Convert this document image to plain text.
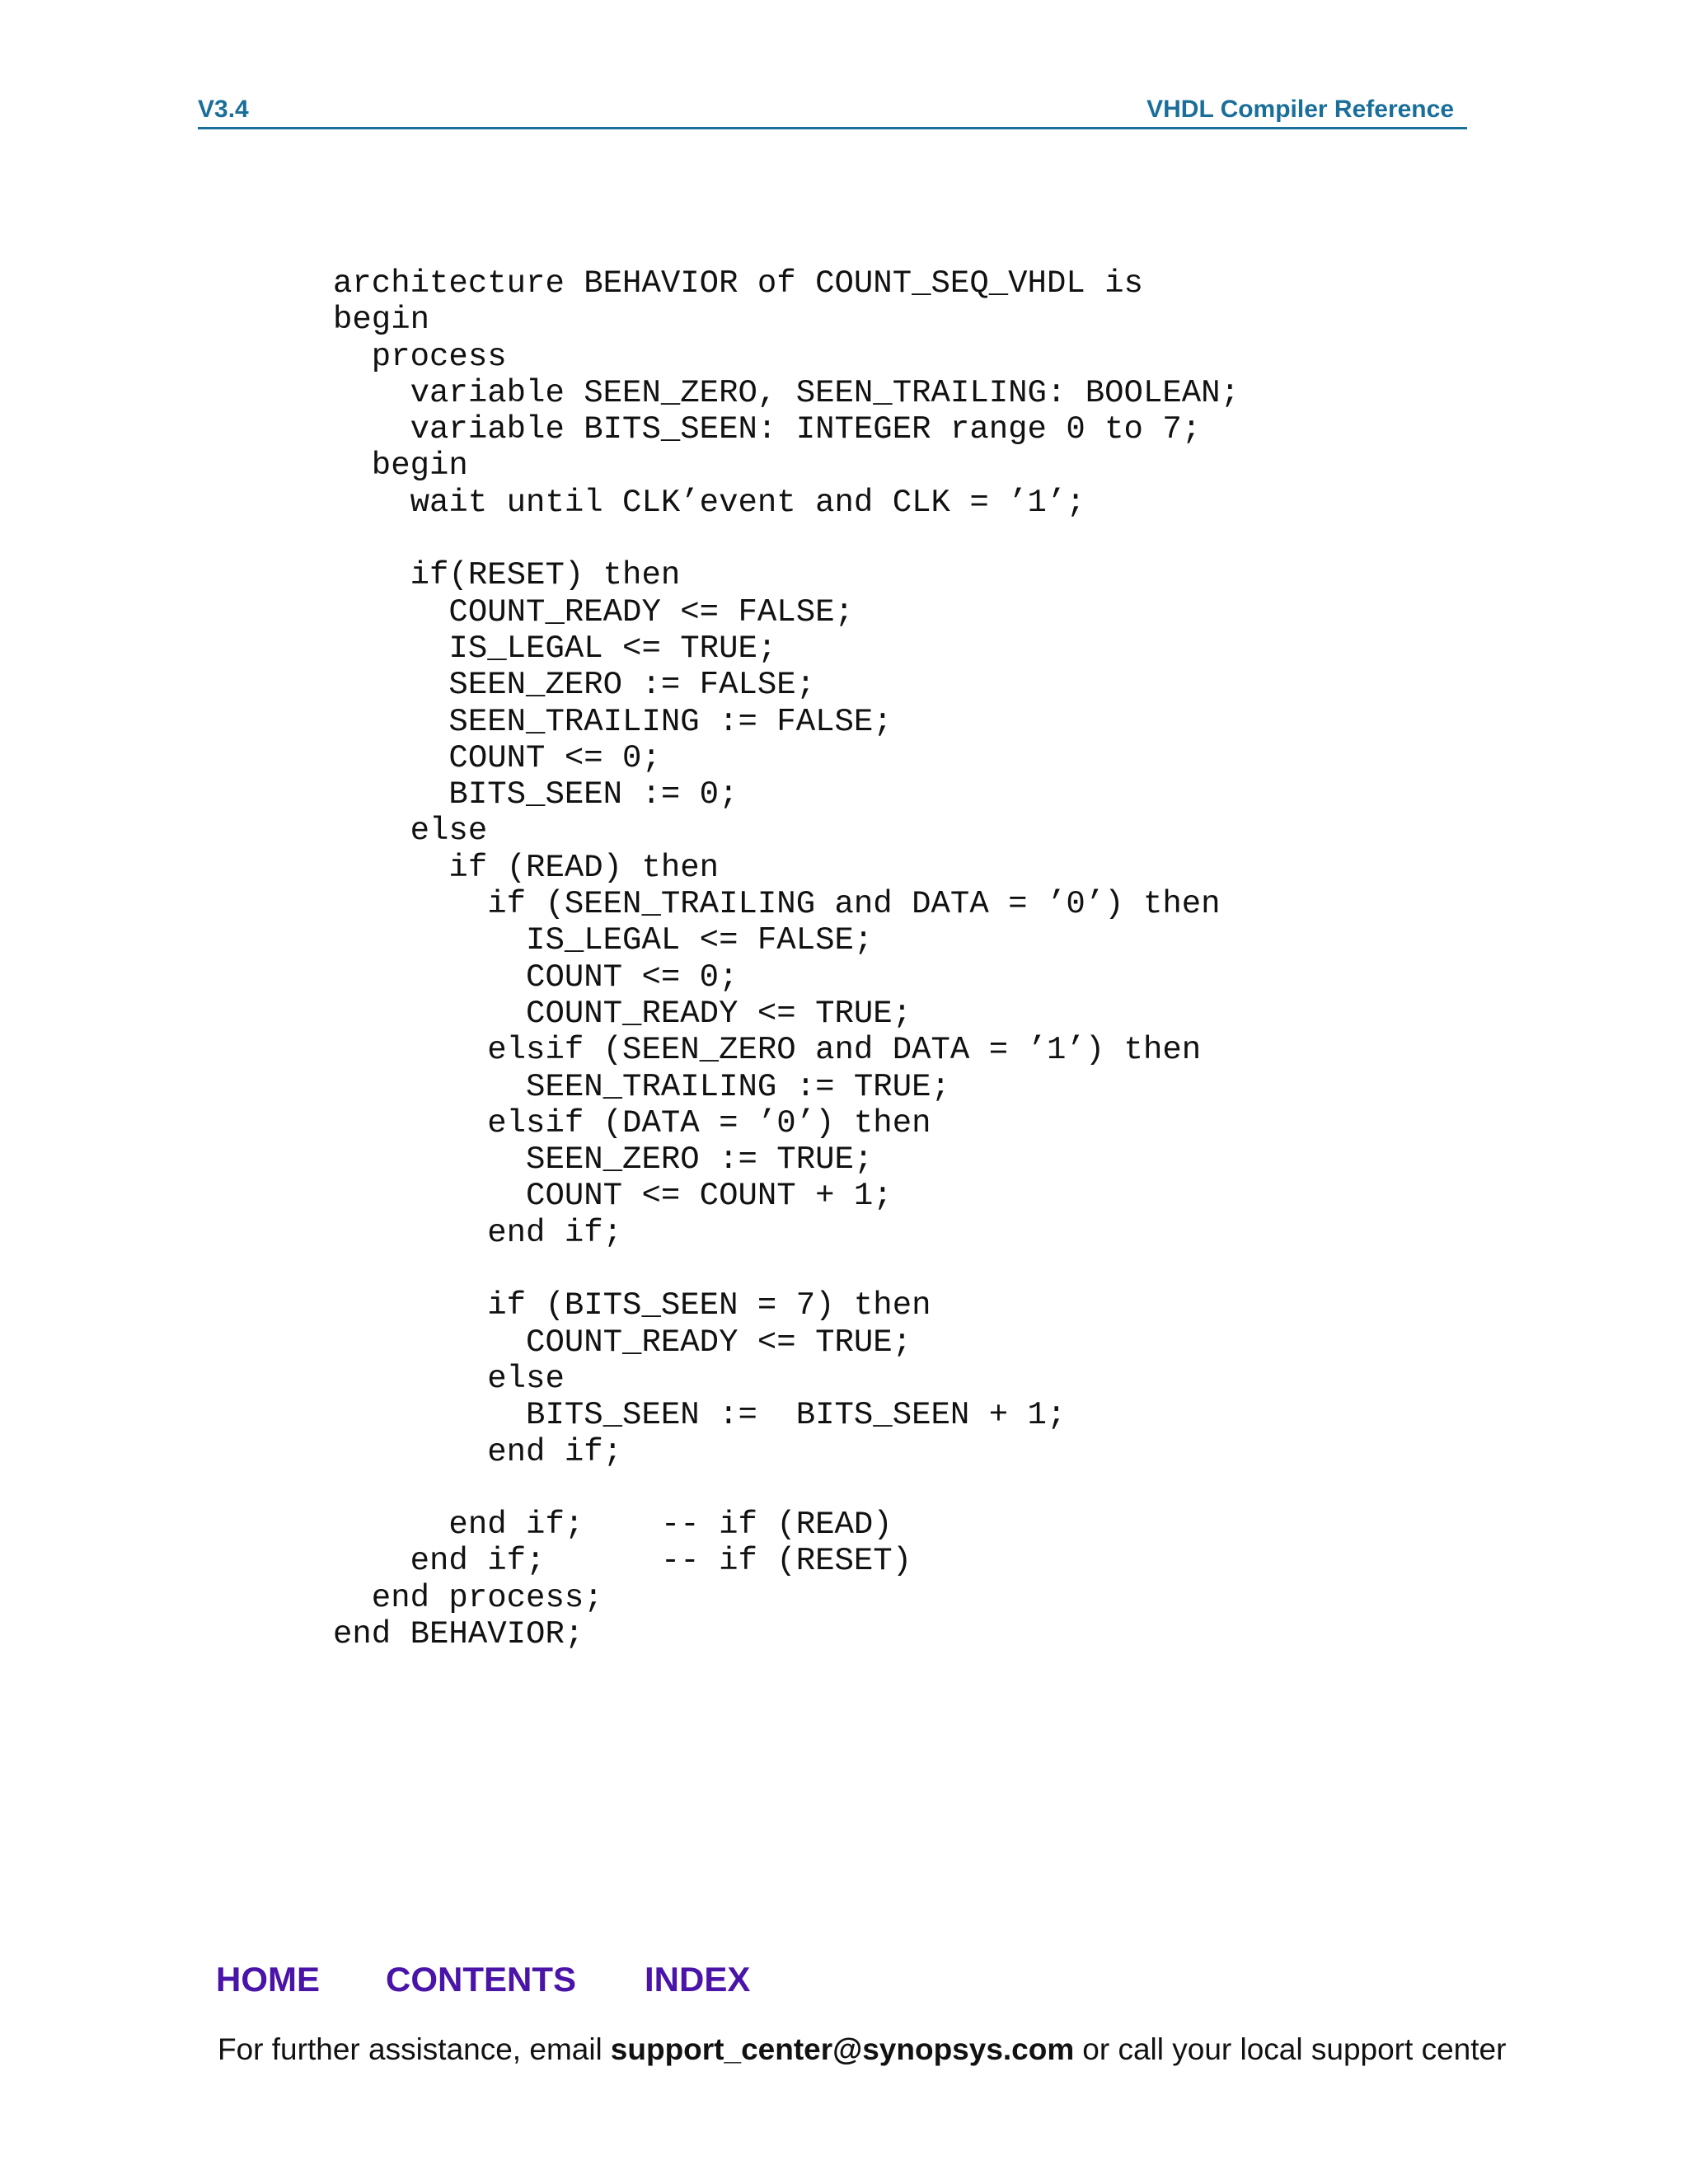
V3.4	VHDL Compiler Reference
architecture BEHAVIOR of COUNT_SEQ_VHDL is
begin
process
variable SEEN_ZERO, SEEN_TRAILING: BOOLEAN;
variable BITS_SEEN: INTEGER range 0 to 7;
begin
wait until CLK’event and CLK = ’1’;
if(RESET) then
COUNT_READY <= FALSE;
IS_LEGAL <= TRUE;
SEEN_ZERO := FALSE;
SEEN_TRAILING := FALSE;
COUNT <= 0;
BITS_SEEN := 0;
else
if (READ) then
if (SEEN_TRAILING and DATA = ’0’) then
IS_LEGAL <= FALSE;
COUNT <= 0;
COUNT_READY <= TRUE;
elsif (SEEN_ZERO and DATA = ’1’) then
SEEN_TRAILING := TRUE;
elsif (DATA = ’0’) then
SEEN_ZERO := TRUE;
COUNT <= COUNT + 1;
end if;
if (BITS_SEEN = 7) then
COUNT_READY <= TRUE;
else
BITS_SEEN :=  BITS_SEEN + 1;
end if;
end if;    -- if (READ)
end if;      -- if (RESET)
end process;
end BEHAVIOR;
HOME CONTENTS INDEX
For further assistance, email support_center@synopsys.com or call your local support center
